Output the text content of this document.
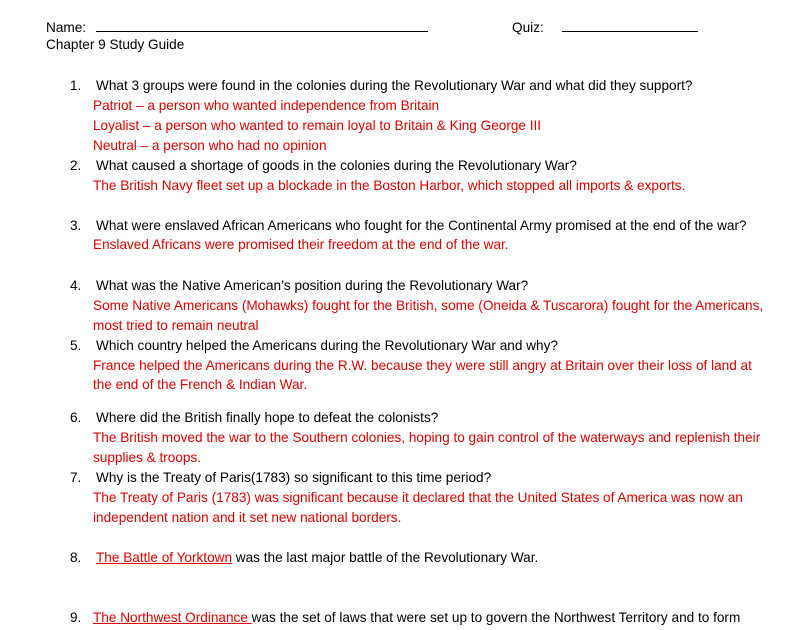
Name:	Quiz:
Chapter 9 Study Guide
1.	What 3 groups were found in the colonies during the Revolutionary War and what did they support?
Patriot – a person who wanted independence from Britain
Loyalist – a person who wanted to remain loyal to Britain & King George III
Neutral – a person who had no opinion
2.	What caused a shortage of goods in the colonies during the Revolutionary War?
The British Navy fleet set up a blockade in the Boston Harbor, which stopped all imports & exports.
3.	What were enslaved African Americans who fought for the Continental Army promised at the end of the war?
Enslaved Africans were promised their freedom at the end of the war.
4.	What was the Native American’s position during the Revolutionary War?
Some Native Americans (Mohawks) fought for the British, some (Oneida & Tuscarora) fought for the Americans,
most tried to remain neutral
5.	Which country helped the Americans during the Revolutionary War and why?
France helped the Americans during the R.W. because they were still angry at Britain over their loss of land at
the end of the French & Indian War.
6.	Where did the British finally hope to defeat the colonists?
The British moved the war to the Southern colonies, hoping to gain control of the waterways and replenish their
supplies & troops.
7.	Why is the Treaty of Paris(1783) so significant to this time period?
The Treaty of Paris (1783) was significant because it declared that the United States of America was now an
independent nation and it set new national borders.
8.	The Battle of Yorktown was the last major battle of the Revolutionary War.
9. The Northwest Ordinance was the set of laws that were set up to govern the Northwest Territory and to form
